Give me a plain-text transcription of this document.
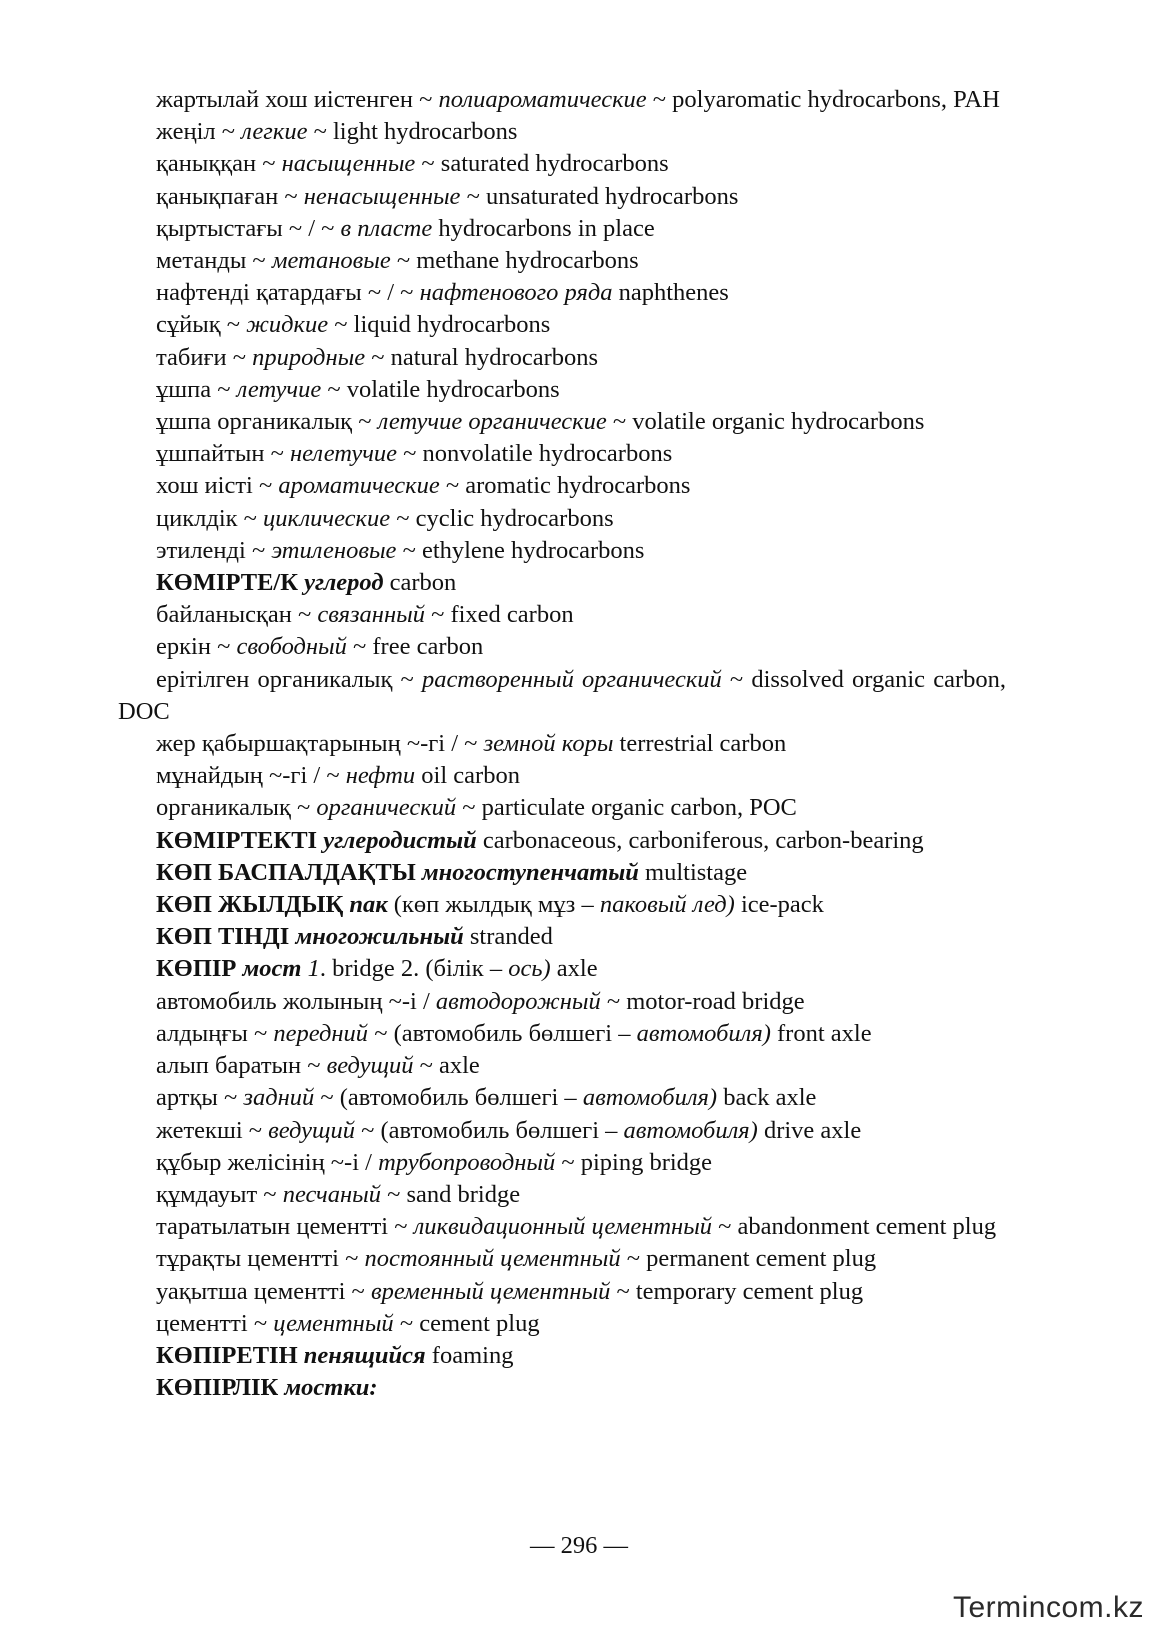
жартылай хош иістенген ~ полиароматические ~ polyaromatic hydrocarbons, PAH

жеңіл ~ легкие ~ light hydrocarbons

қаныққан ~ насыщенные ~ saturated hydrocarbons

қанықпаған ~ ненасыщенные ~ unsaturated hydrocarbons

қыртыстағы ~ / ~ в пласте hydrocarbons in place

метанды ~ метановые ~ methane hydrocarbons

нафтенді қатардағы ~ / ~ нафтенового ряда naphthenes

сұйық ~ жидкие ~ liquid hydrocarbons

табиғи ~ природные ~ natural hydrocarbons

ұшпа ~ летучие ~ volatile hydrocarbons

ұшпа органикалық ~ летучие органические ~ volatile organic hydrocarbons

ұшпайтын ~ нелетучие ~ nonvolatile hydrocarbons

хош иісті ~ ароматические ~ aromatic hydrocarbons

циклдік ~ циклические ~ cyclic hydrocarbons

этиленді ~ этиленовые ~ ethylene hydrocarbons

КӨМІРТЕ/К углерод carbon

байланысқан ~ связанный ~ fixed carbon

еркін ~ свободный ~ free carbon

ерітілген органикалық ~ растворенный органический ~ dissolved organic carbon, DOC

жер қабыршақтарының ~-гі / ~ земной коры terrestrial carbon

мұнайдың ~-гі / ~ нефти oil carbon

органикалық ~ органический ~ particulate organic carbon, POC

КӨМІРТЕКТІ углеродистый carbonaceous, carboniferous, carbon-bearing

КӨП БАСПАЛДАҚТЫ многоступенчатый multistage

КӨП ЖЫЛДЫҚ пак (көп жылдық мұз – паковый лед) ice-pack

КӨП ТІНДІ многожильный stranded

КӨПІР мост 1. bridge 2. (білік – ось) axle

автомобиль жолының ~-і / автодорожный ~ motor-road bridge

алдыңғы ~ передний ~ (автомобиль бөлшегі – автомобиля) front axle

алып баратын ~ ведущий ~ axle

артқы ~ задний ~ (автомобиль бөлшегі – автомобиля) back axle

жетекші ~ ведущий ~ (автомобиль бөлшегі – автомобиля) drive axle

құбыр желісінің ~-і / трубопроводный ~ piping bridge

құмдауыт ~ песчаный ~ sand bridge

таратылатын цементті ~ ликвидационный цементный ~ abandonment cement plug

тұрақты цементті ~ постоянный цементный ~ permanent cement plug

уақытша цементті ~ временный цементный ~ temporary cement plug

цементті ~ цементный ~ cement plug

КӨПІРЕТІН пенящийся foaming

КӨПІРЛІК мостки:

— 296 —
Termincom.kz
